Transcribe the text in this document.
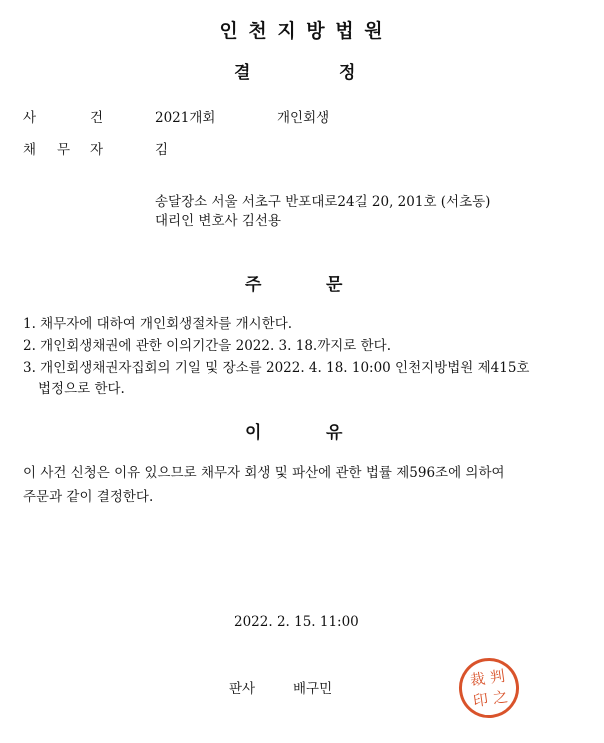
인 천 지 방 법 원
결	정
사	건	2021개회	개인회생
채 무 자	김
송달장소 서울 서초구 반포대로24길 20, 201호 (서초동)
대리인 변호사 김선용
주	문
1. 채무자에 대하여 개인회생절차를 개시한다.
2. 개인회생채권에 관한 이의기간을 2022. 3. 18.까지로 한다.
3. 개인회생채권자집회의 기일 및 장소를 2022. 4. 18. 10:00 인천지방법원 제415호
법정으로 한다.
이	유
이 사건 신청은 이유 있으므로 채무자 회생 및 파산에 관한 법률 제596조에 의하여
주문과 같이 결정한다.
2022. 2. 15. 11:00
판사	배구민
裁 判
印 之
